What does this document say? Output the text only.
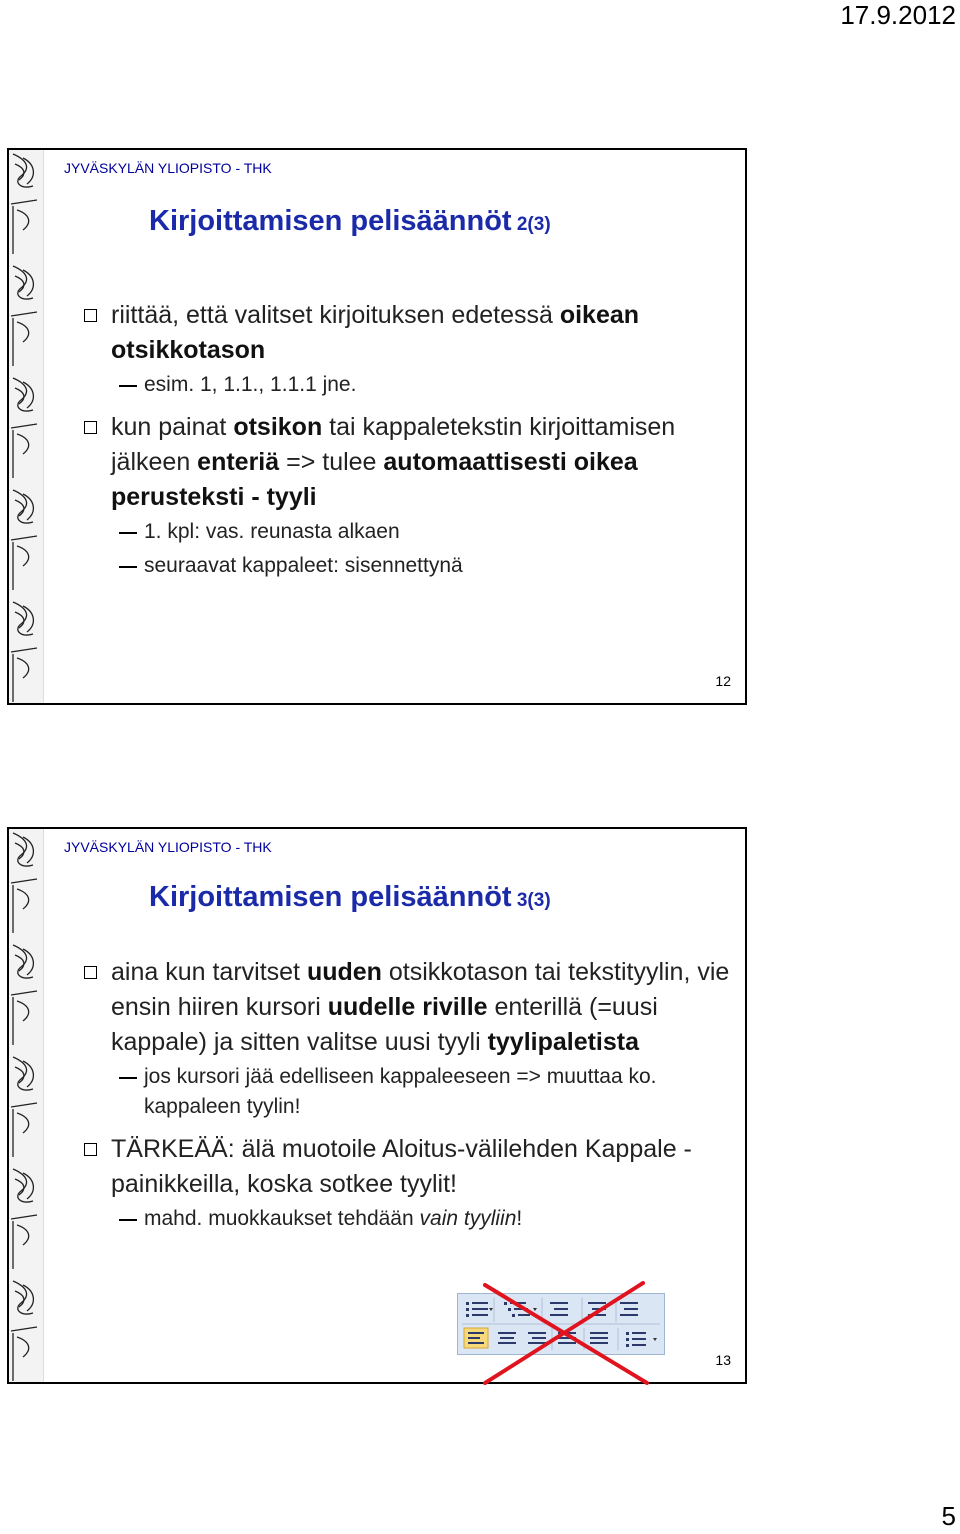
17.9.2012
JYVÄSKYLÄN YLIOPISTO - THK
Kirjoittamisen pelisäännöt 2(3)
riittää, että valitset kirjoituksen edetessä oikean otsikkotason
esim. 1, 1.1., 1.1.1 jne.
kun painat otsikon tai kappaletekstin kirjoittamisen jälkeen enteriä => tulee automaattisesti oikea perusteksti - tyyli
1. kpl: vas. reunasta alkaen
seuraavat kappaleet: sisennettynä
12
JYVÄSKYLÄN YLIOPISTO - THK
Kirjoittamisen pelisäännöt 3(3)
aina kun tarvitset uuden otsikkotason tai tekstityylin, vie ensin hiiren kursori uudelle riville enterillä (=uusi kappale) ja sitten valitse uusi tyyli tyylipaletista
jos kursori jää edelliseen kappaleeseen => muuttaa ko. kappaleen tyylin!
TÄRKEÄÄ: älä muotoile Aloitus-välilehden Kappale -painikkeilla, koska sotkee tyylit!
mahd. muokkaukset tehdään vain tyyliin!
13
5
